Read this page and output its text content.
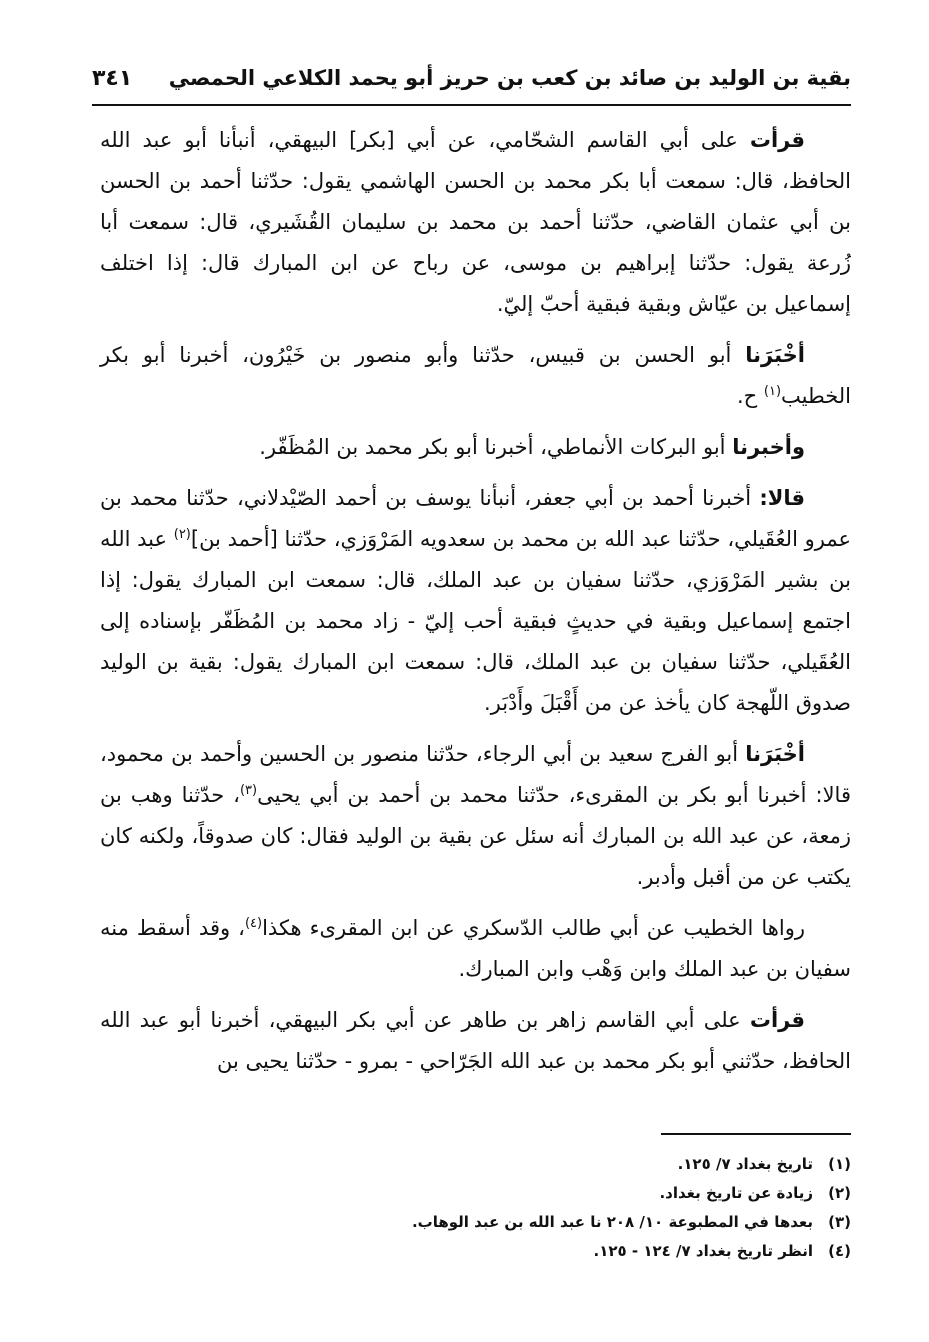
بقية بن الوليد بن صائد بن كعب بن حريز أبو يحمد الكلاعي الحمصي
٣٤١

قرأت على أبي القاسم الشحّامي، عن أبي [بكر] البيهقي، أنبأنا أبو عبد الله الحافظ، قال: سمعت أبا بكر محمد بن الحسن الهاشمي يقول: حدّثنا أحمد بن الحسن بن أبي عثمان القاضي، حدّثنا أحمد بن محمد بن سليمان القُشَيري، قال: سمعت أبا زُرعة يقول: حدّثنا إبراهيم بن موسى، عن رباح عن ابن المبارك قال: إذا اختلف إسماعيل بن عيّاش وبقية فبقية أحبّ إليّ.

أخْبَرَنا أبو الحسن بن قبيس، حدّثنا وأبو منصور بن خَيْرُون، أخبرنا أبو بكر الخطيب$^{(١)}$ ح.

وأخبرنا أبو البركات الأنماطي، أخبرنا أبو بكر محمد بن المُظَفّر.

قالا: أخبرنا أحمد بن أبي جعفر، أنبأنا يوسف بن أحمد الصّيْدلاني، حدّثنا محمد بن عمرو العُقَيلي، حدّثنا عبد الله بن محمد بن سعدويه المَرْوَزي، حدّثنا [أحمد بن]$^{(٢)}$ عبد الله بن بشير المَرْوَزي، حدّثنا سفيان بن عبد الملك، قال: سمعت ابن المبارك يقول: إذا اجتمع إسماعيل وبقية في حديثٍ فبقية أحب إليّ - زاد محمد بن المُظَفّر بإسناده إلى العُقَيلي، حدّثنا سفيان بن عبد الملك، قال: سمعت ابن المبارك يقول: بقية بن الوليد صدوق اللّهجة كان يأخذ عن من أَقْبَلَ وأَدْبَر.

أخْبَرَنا أبو الفرج سعيد بن أبي الرجاء، حدّثنا منصور بن الحسين وأحمد بن محمود، قالا: أخبرنا أبو بكر بن المقرىء، حدّثنا محمد بن أحمد بن أبي يحيى$^{(٣)}$، حدّثنا وهب بن زمعة، عن عبد الله بن المبارك أنه سئل عن بقية بن الوليد فقال: كان صدوقاً، ولكنه كان يكتب عن من أقبل وأدبر.

رواها الخطيب عن أبي طالب الدّسكري عن ابن المقرىء هكذا$^{(٤)}$، وقد أسقط منه سفيان بن عبد الملك وابن وَهْب وابن المبارك.

قرأت على أبي القاسم زاهر بن طاهر عن أبي بكر البيهقي، أخبرنا أبو عبد الله الحافظ، حدّثني أبو بكر محمد بن عبد الله الجَرّاحي - بمرو - حدّثنا يحيى بن

(١)تاريخ بغداد ٧/ ١٢٥.
(٢)زيادة عن تاريخ بغداد.
(٣)بعدها في المطبوعة ١٠/ ٢٠٨ نا عبد الله بن عبد الوهاب.
(٤)انظر تاريخ بغداد ٧/ ١٢٤ - ١٢٥.
